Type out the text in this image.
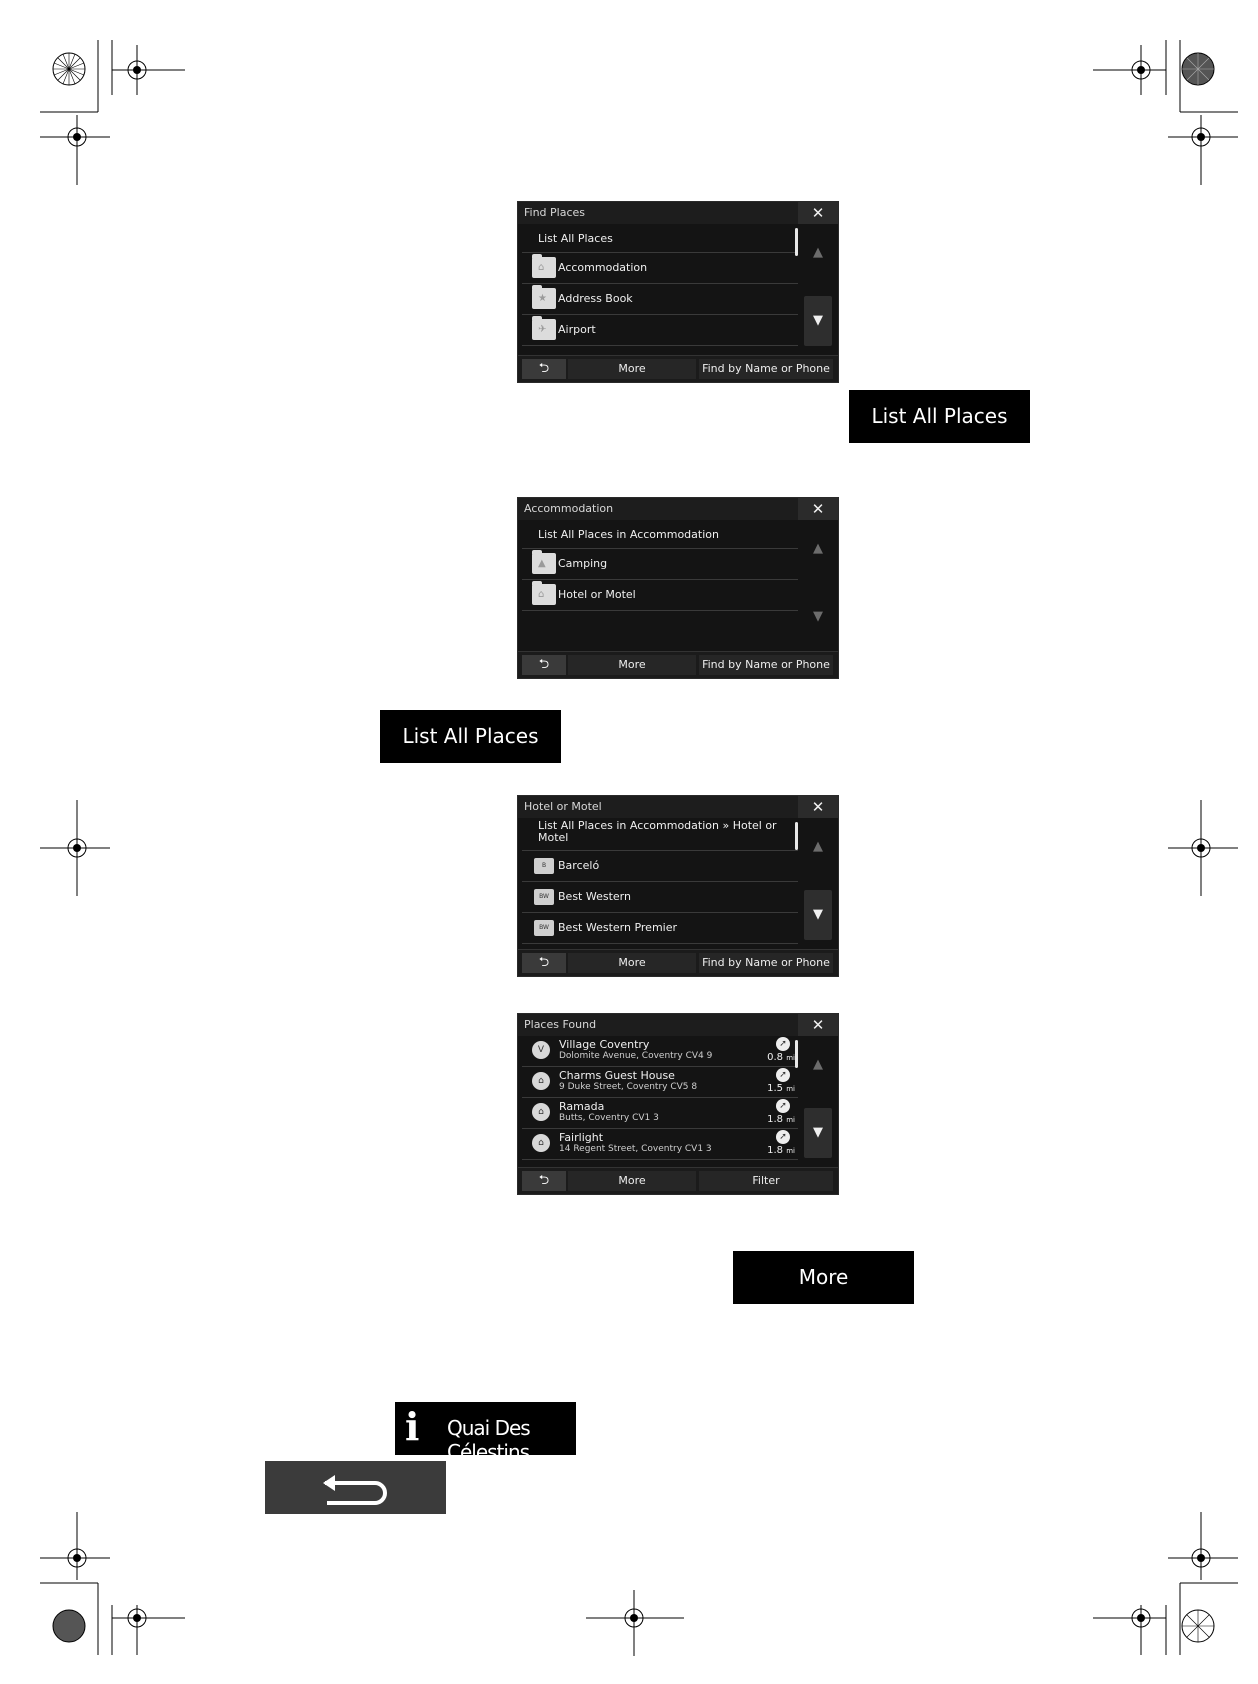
Find Places	✕
List All Places
⌂ Accommodation
★ Address Book
✈ Airport
▲
▼
⮌	More	Find by Name or Phone
List All Places
Accommodation	✕
List All Places in Accommodation
▲ Camping
⌂ Hotel or Motel
▲
▼
⮌	More	Find by Name or Phone
List All Places
Hotel or Motel	✕
List All Places in Accommodation » Hotel or
Motel
B	Barceló
BW Best Western
BW Best Western Premier
▲
▼
⮌	More	Find by Name or Phone
Places Found	✕
V	Village Coventry
Dolomite Avenue, Coventry CV4 9
➚
0.8 mi
⌂	Charms Guest House
9 Duke Street, Coventry CV5 8
➚
1.5 mi
⌂	Ramada
Butts, Coventry CV1 3
➚
1.8 mi
⌂	Fairlight
14 Regent Street, Coventry CV1 3
➚
1.8 mi
▲
▼
⮌	More	Filter
More
i Quai Des Célestins
